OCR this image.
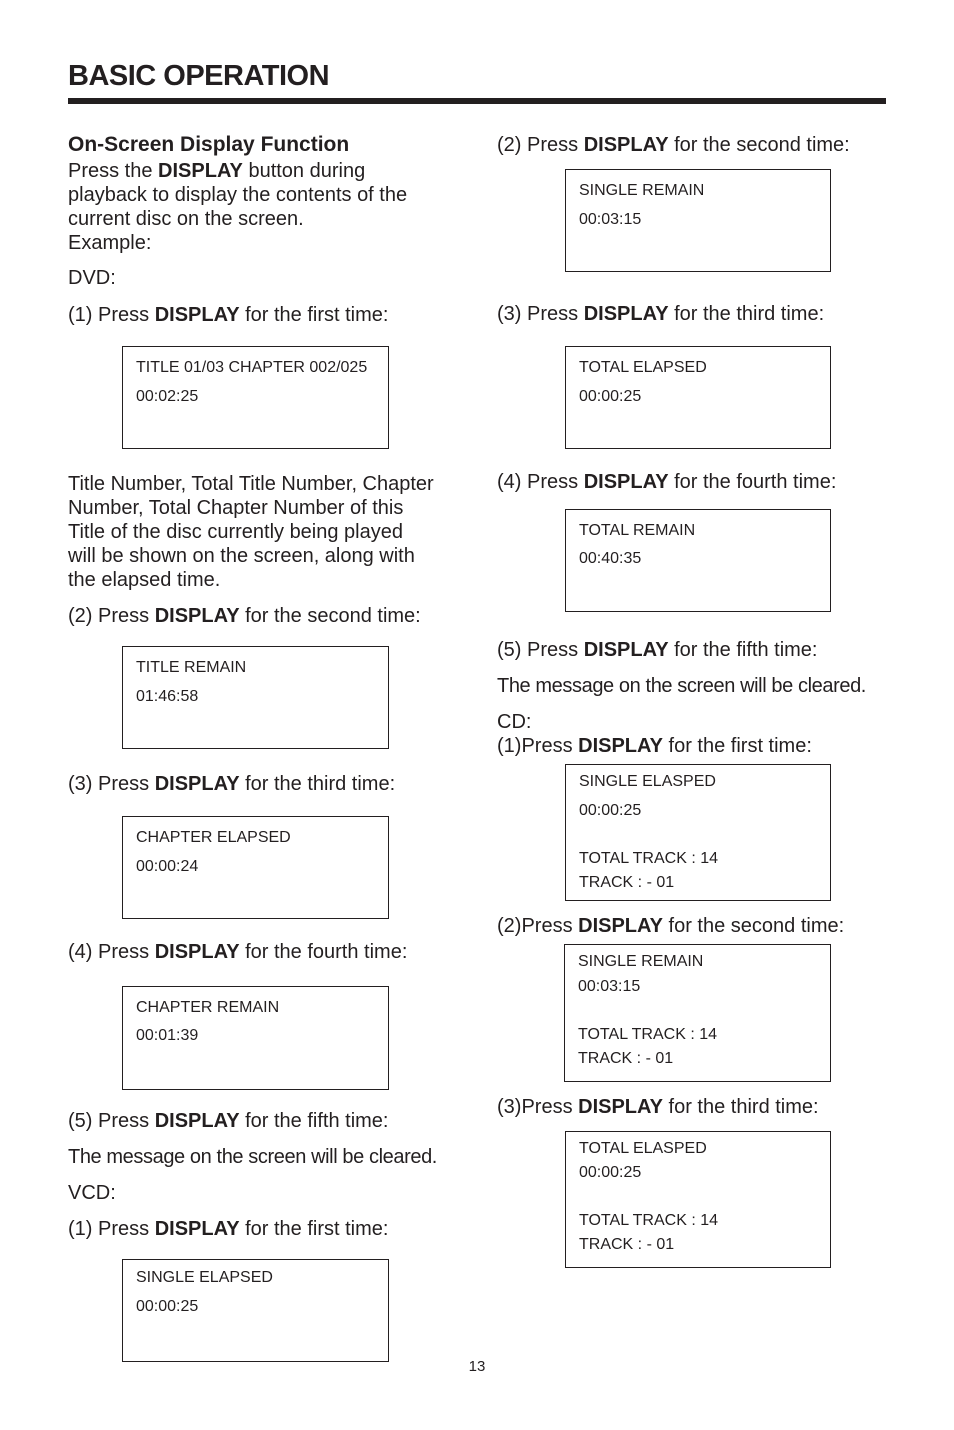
BASIC OPERATION
On-Screen Display Function
Press the DISPLAY button during
playback to display the contents of the
current disc on the screen.
Example:
DVD:
(1) Press DISPLAY for the first time:
TITLE 01/03 CHAPTER 002/025
00:02:25
Title Number, Total Title Number, Chapter
Number, Total Chapter Number of this
Title of the disc currently being played
will be shown on the screen, along with
the elapsed time.
(2) Press DISPLAY for the second time:
TITLE REMAIN
01:46:58
(3) Press DISPLAY for the third time:
CHAPTER ELAPSED
00:00:24
(4) Press DISPLAY for the fourth time:
CHAPTER REMAIN
00:01:39
(5) Press DISPLAY for the fifth time:
The message on the screen will be cleared.
VCD:
(1) Press DISPLAY for the first time:
SINGLE ELAPSED
00:00:25
(2) Press DISPLAY for the second time:
SINGLE REMAIN
00:03:15
(3) Press DISPLAY for the third time:
TOTAL ELAPSED
00:00:25
(4) Press DISPLAY for the fourth time:
TOTAL REMAIN
00:40:35
(5) Press DISPLAY for the fifth time:
The message on the screen will be cleared.
CD:
(1)Press DISPLAY for the first time:
SINGLE ELASPED
00:00:25
TOTAL TRACK : 14
TRACK : - 01
(2)Press DISPLAY for the second time:
SINGLE REMAIN
00:03:15
TOTAL TRACK : 14
TRACK : - 01
(3)Press DISPLAY for the third time:
TOTAL ELASPED
00:00:25
TOTAL TRACK : 14
TRACK : - 01
13
